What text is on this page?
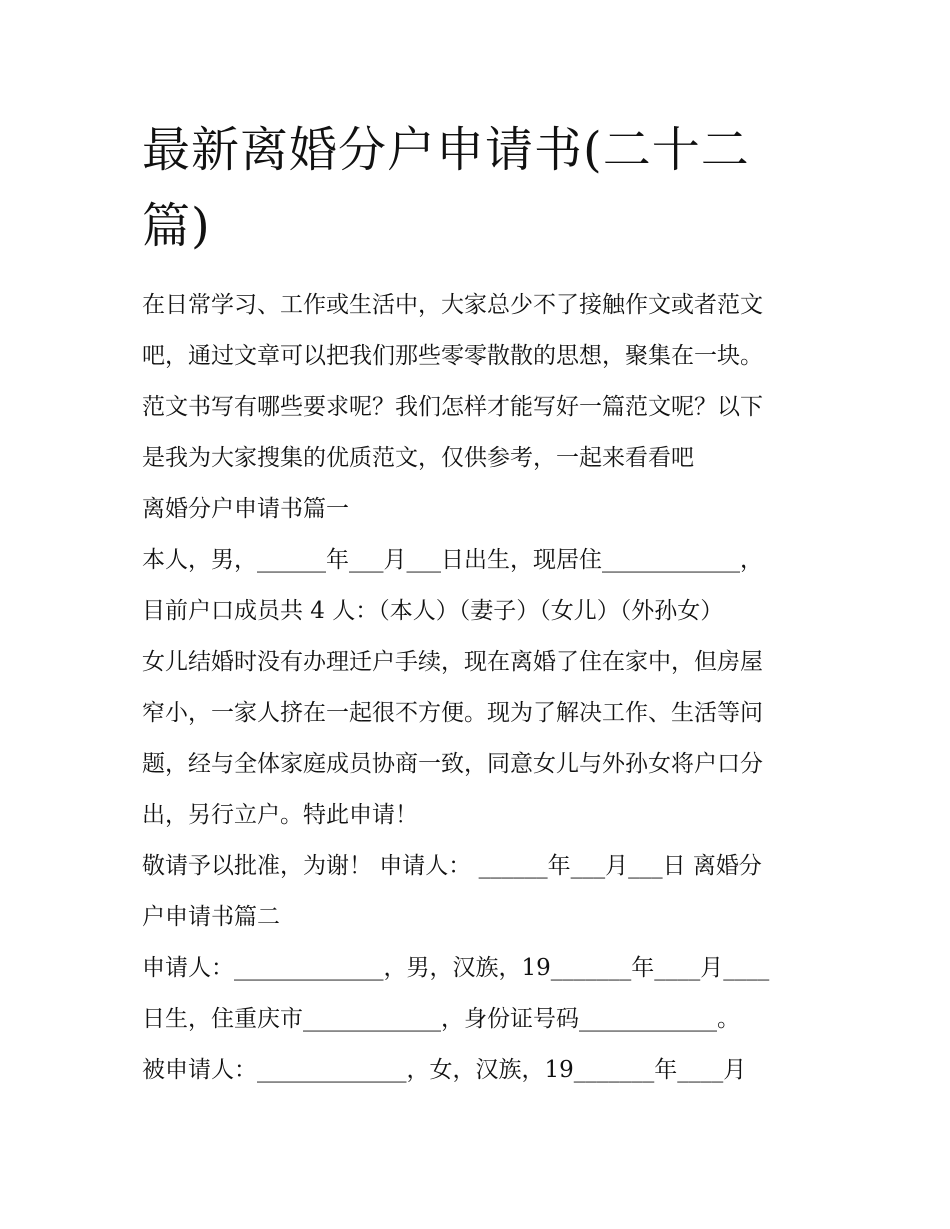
最新离婚分户申请书(二十二
篇)

在日常学习、工作或生活中，大家总少不了接触作文或者范文

吧，通过文章可以把我们那些零零散散的思想，聚集在一块。

范文书写有哪些要求呢？我们怎样才能写好一篇范文呢？以下

是我为大家搜集的优质范文，仅供参考，一起来看看吧

离婚分户申请书篇一

本人，男，______年___月___日出生，现居住____________，

目前户口成员共 4 人：（本人）（妻子）（女儿）（外孙女）

女儿结婚时没有办理迁户手续，现在离婚了住在家中，但房屋

窄小，一家人挤在一起很不方便。现为了解决工作、生活等问

题，经与全体家庭成员协商一致，同意女儿与外孙女将户口分

出，另行立户。特此申请！

敬请予以批准，为谢！ 申请人： ______年___月___日 离婚分

户申请书篇二

申请人：_____________，男，汉族，19_______年____月____

日生，住重庆市____________，身份证号码____________。

被申请人：_____________，女，汉族，19_______年____月
